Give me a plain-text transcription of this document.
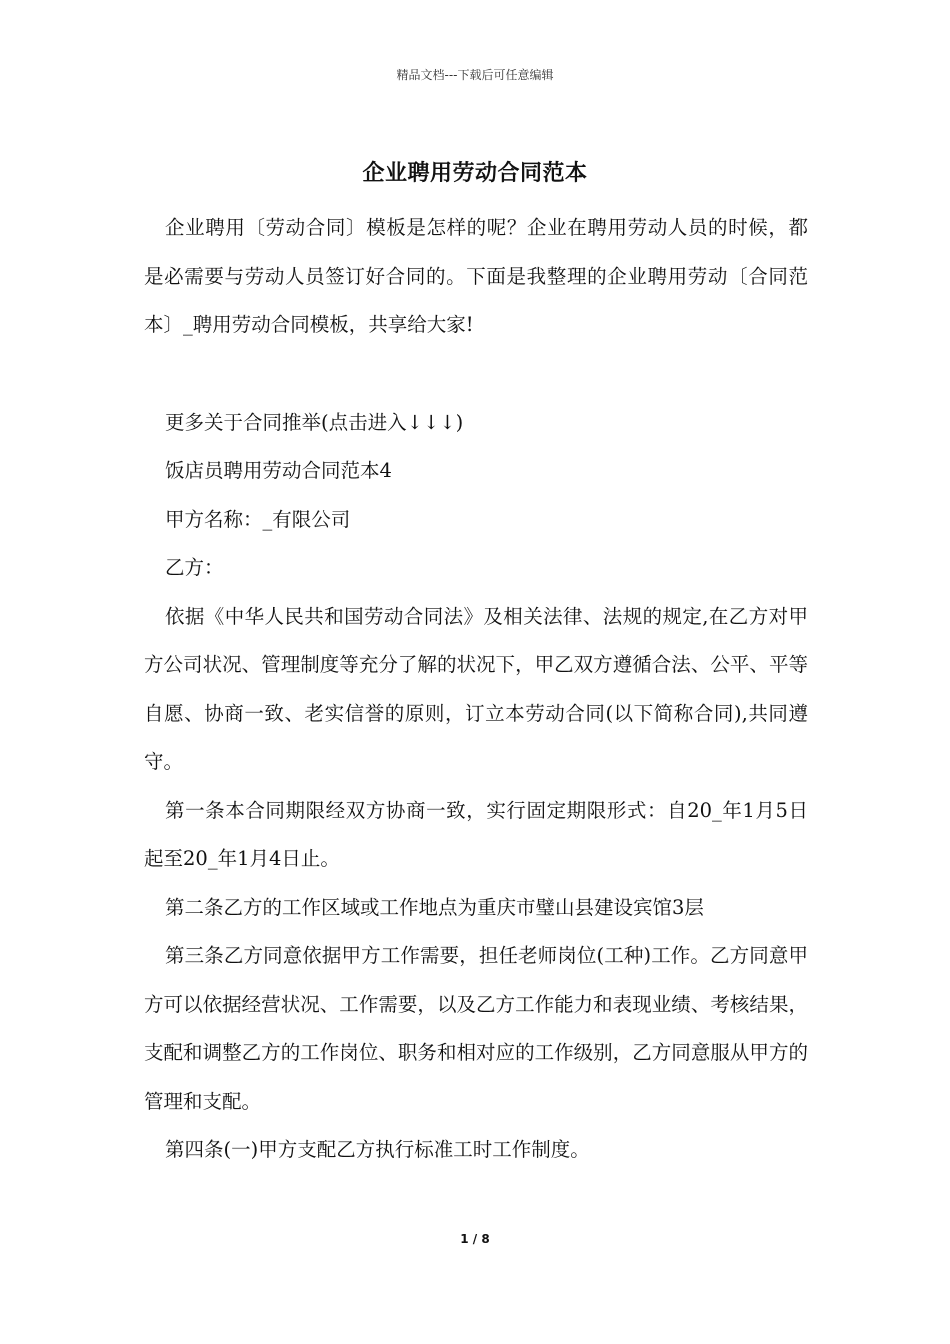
精品文档---下载后可任意编辑
企业聘用劳动合同范本

企业聘用〔劳动合同〕模板是怎样的呢？企业在聘用劳动人员的时候，都是必需要与劳动人员签订好合同的。下面是我整理的企业聘用劳动〔合同范本〕_聘用劳动合同模板，共享给大家!

更多关于合同推举(点击进入↓↓↓)

饭店员聘用劳动合同范本4

甲方名称：_有限公司

乙方：

依据《中华人民共和国劳动合同法》及相关法律、法规的规定,在乙方对甲方公司状况、管理制度等充分了解的状况下，甲乙双方遵循合法、公平、平等自愿、协商一致、老实信誉的原则，订立本劳动合同(以下简称合同),共同遵守。

第一条本合同期限经双方协商一致，实行固定期限形式：自20_年1月5日起至20_年1月4日止。

第二条乙方的工作区域或工作地点为重庆市璧山县建设宾馆3层

第三条乙方同意依据甲方工作需要，担任老师岗位(工种)工作。乙方同意甲方可以依据经营状况、工作需要，以及乙方工作能力和表现业绩、考核结果，支配和调整乙方的工作岗位、职务和相对应的工作级别，乙方同意服从甲方的管理和支配。

第四条(一)甲方支配乙方执行标准工时工作制度。

1 / 8
